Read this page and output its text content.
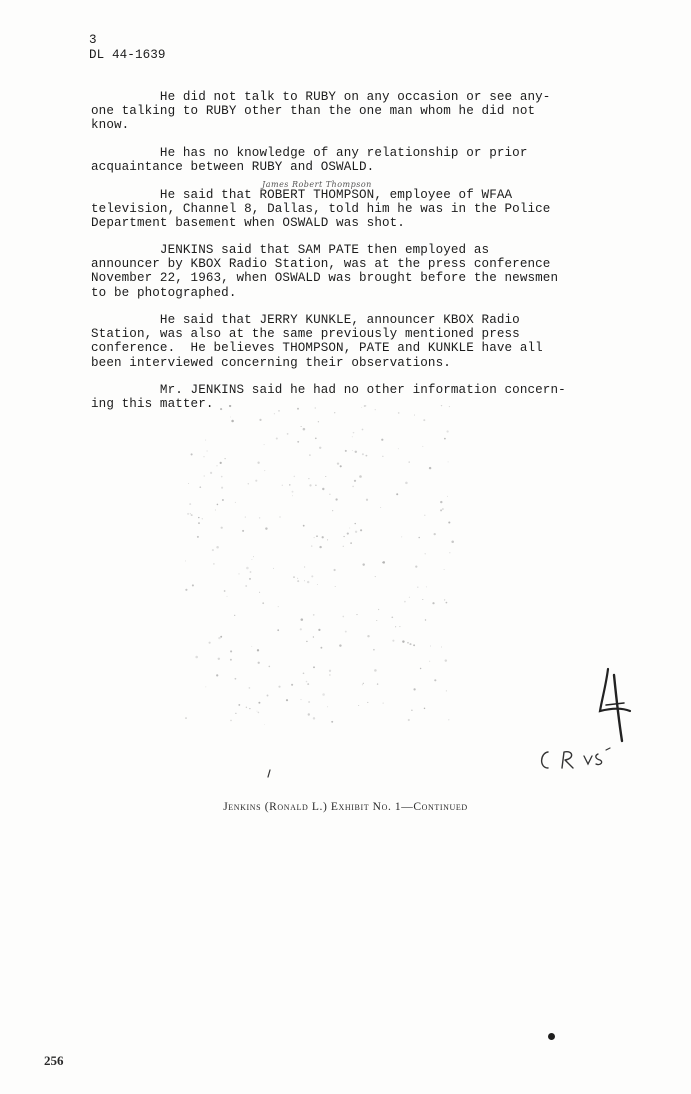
3
DL 44-1639

He did not talk to RUBY on any occasion or see any-
one talking to RUBY other than the one man whom he did not
know.

He has no knowledge of any relationship or prior
acquaintance between RUBY and OSWALD.

James Robert Thompson

He said that ROBERT THOMPSON, employee of WFAA
television, Channel 8, Dallas, told him he was in the Police
Department basement when OSWALD was shot.

JENKINS said that SAM PATE then employed as
announcer by KBOX Radio Station, was at the press conference
November 22, 1963, when OSWALD was brought before the newsmen
to be photographed.

He said that JERRY KUNKLE, announcer KBOX Radio
Station, was also at the same previously mentioned press
conference.  He believes THOMPSON, PATE and KUNKLE have all
been interviewed concerning their observations.

Mr. JENKINS said he had no other information concern-
ing this matter.

Jenkins (Ronald L.) Exhibit No. 1—Continued
256
